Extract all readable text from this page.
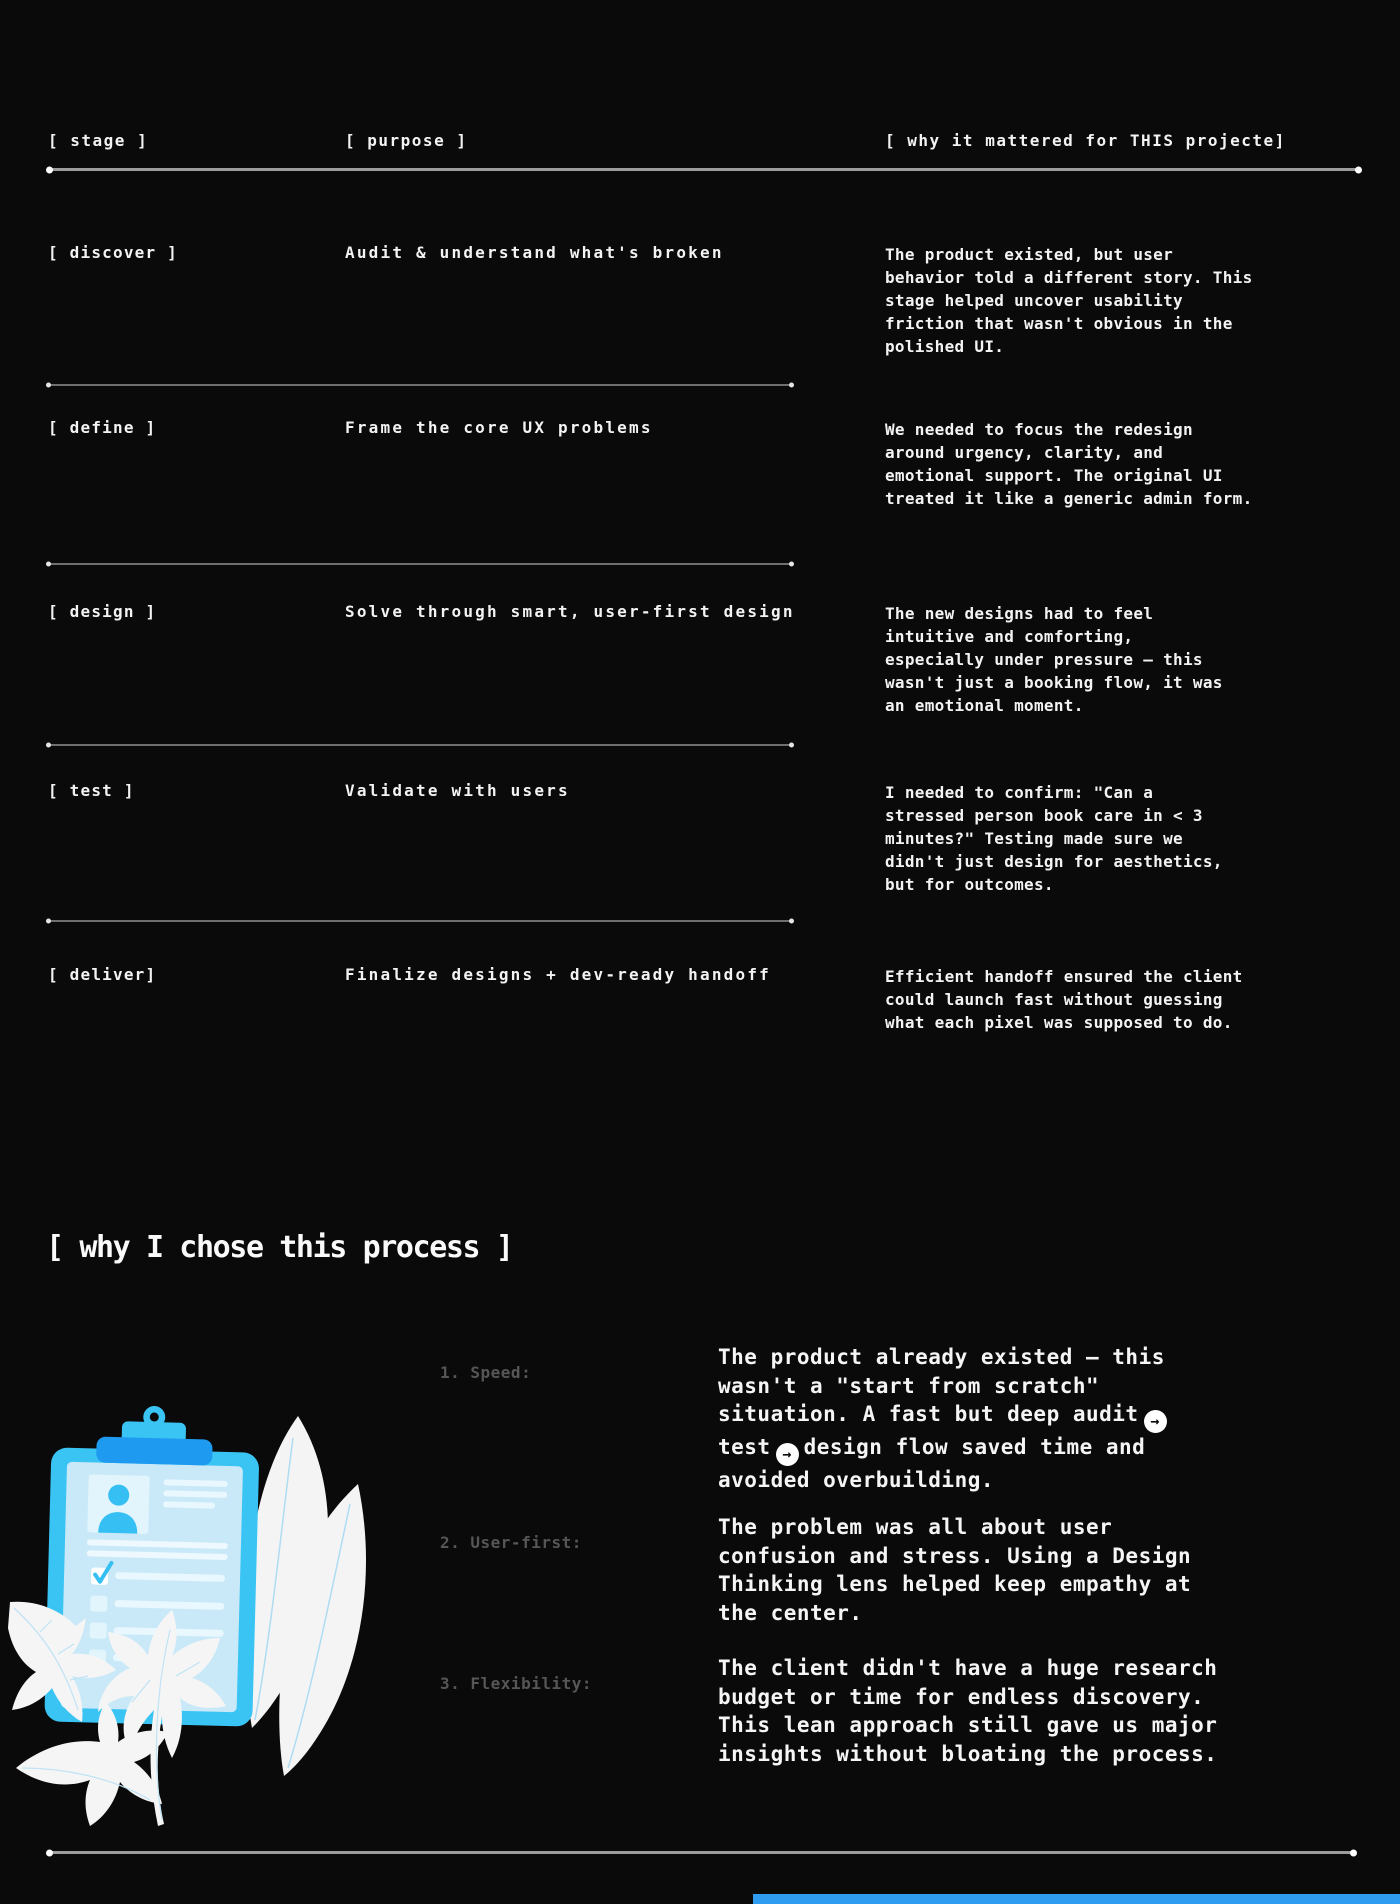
[ stage ]	[ purpose ]	[ why it mattered for THIS projecte]
[ discover ]	Audit & understand what's broken	The product existed, but user behavior told a different story. This stage helped uncover usability friction that wasn't obvious in the polished UI.
[ define ]	Frame the core UX problems	We needed to focus the redesign around urgency, clarity, and emotional support. The original UI treated it like a generic admin form.
[ design ]	Solve through smart, user-first design	The new designs had to feel intuitive and comforting, especially under pressure — this wasn't just a booking flow, it was an emotional moment.
[ test ]	Validate with users	I needed to confirm: "Can a stressed person book care in < 3 minutes?" Testing made sure we didn't just design for aesthetics, but for outcomes.
[ deliver]	Finalize designs + dev-ready handoff	Efficient handoff ensured the client could launch fast without guessing what each pixel was supposed to do.
[ why I chose this process ]
1. Speed:

The product already existed — this wasn't a "start from scratch" situation. A fast but deep audit →
test → design flow saved time and avoided overbuilding.

2. User-first:

The problem was all about user confusion and stress. Using a Design Thinking lens helped keep empathy at the center.

3. Flexibility:

The client didn't have a huge research budget or time for endless discovery. This lean approach still gave us major insights without bloating the process.
